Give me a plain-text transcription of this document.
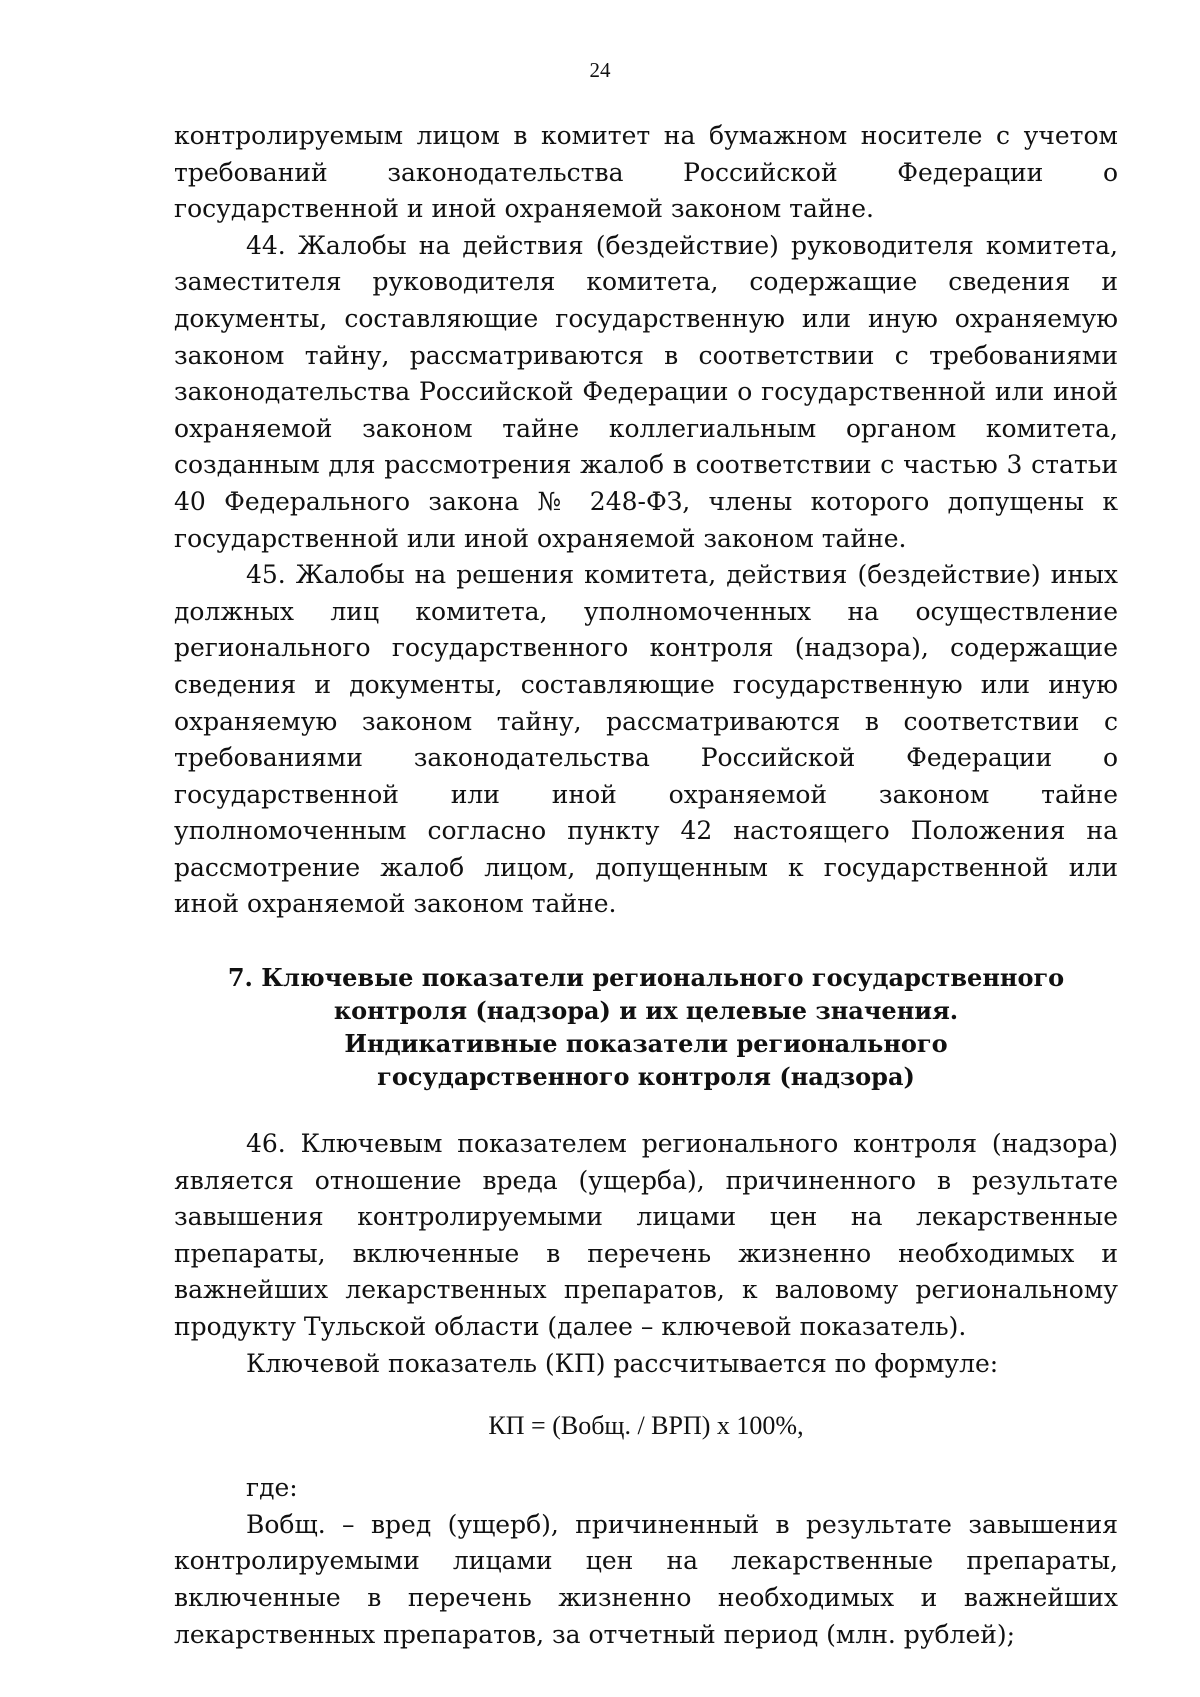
24

контролируемым лицом в комитет на бумажном носителе с учетом требований законодательства Российской Федерации о государственной и иной охраняемой законом тайне.

44. Жалобы на действия (бездействие) руководителя комитета, заместителя руководителя комитета, содержащие сведения и документы, составляющие государственную или иную охраняемую законом тайну, рассматриваются в соответствии с требованиями законодательства Российской Федерации о государственной или иной охраняемой законом тайне коллегиальным органом комитета, созданным для рассмотрения жалоб в соответствии с частью 3 статьи 40 Федерального закона № 248-ФЗ, члены которого допущены к государственной или иной охраняемой законом тайне.

45. Жалобы на решения комитета, действия (бездействие) иных должных лиц комитета, уполномоченных на осуществление регионального государственного контроля (надзора), содержащие сведения и документы, составляющие государственную или иную охраняемую законом тайну, рассматриваются в соответствии с требованиями законодательства Российской Федерации о государственной или иной охраняемой законом тайне уполномоченным согласно пункту 42 настоящего Положения на рассмотрение жалоб лицом, допущенным к государственной или иной охраняемой законом тайне.

7. Ключевые показатели регионального государственного
контроля (надзора) и их целевые значения.
Индикативные показатели регионального
государственного контроля (надзора)

46. Ключевым показателем регионального контроля (надзора) является отношение вреда (ущерба), причиненного в результате завышения контролируемыми лицами цен на лекарственные препараты, включенные в перечень жизненно необходимых и важнейших лекарственных препаратов, к валовому региональному продукту Тульской области (далее – ключевой показатель).

Ключевой показатель (КП) рассчитывается по формуле:

КП = (Вобщ. / ВРП) х 100%,

где:

Вобщ. – вред (ущерб), причиненный в результате завышения контролируемыми лицами цен на лекарственные препараты, включенные в перечень жизненно необходимых и важнейших лекарственных препаратов, за отчетный период (млн. рублей);
